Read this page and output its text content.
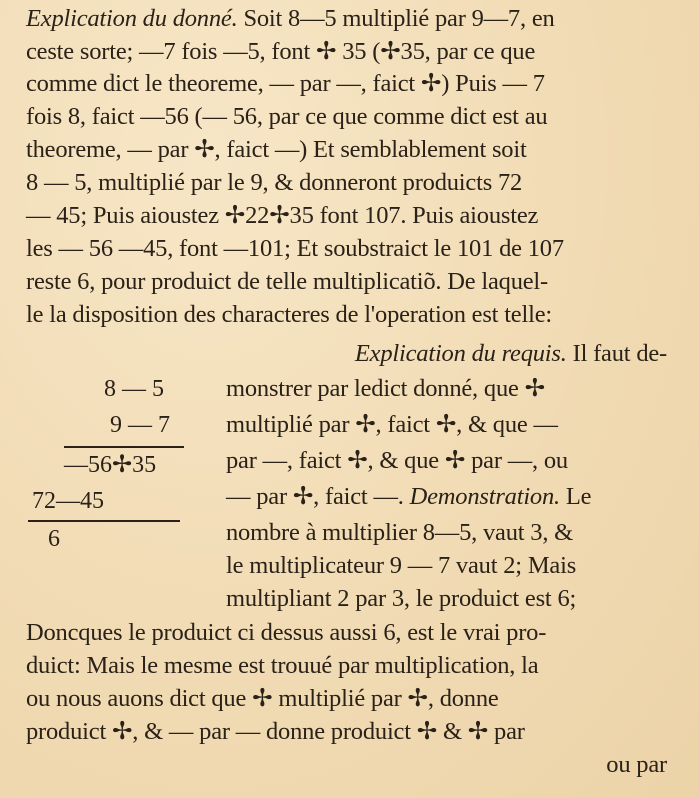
Explication du donné. Soit 8—5 multiplié par 9—7, en
ceste sorte; —7 fois —5, font ✢ 35 (✢35, par ce que
comme dict le theoreme, — par —, faict ✢) Puis — 7
fois 8, faict —56 (— 56, par ce que comme dict est au
theoreme, — par ✢, faict —) Et semblablement soit
8 — 5, multiplié par le 9, & donneront produicts 72
— 45; Puis aioustez ✢22✢35 font 107. Puis aioustez
les — 56 —45, font —101; Et soubstraict le 101 de 107
reste 6, pour produict de telle multiplicatiõ. De laquel-
le la disposition des characteres de l'operation est telle:
Explication du requis. Il faut de-
monstrer par ledict donné, que ✢
multiplié par ✢, faict ✢, & que —
par —, faict ✢, & que ✢ par —, ou
— par ✢, faict —. Demonstration. Le
nombre à multiplier 8—5, vaut 3, &
le multiplicateur 9 — 7 vaut 2; Mais
multipliant 2 par 3, le produict est 6;
Doncques le produict ci dessus aussi 6, est le vrai pro-
duict: Mais le mesme est trouué par multiplication, la
ou nous auons dict que ✢ multiplié par ✢, donne
produict ✢, & — par — donne produict ✢ & ✢ par
ou par
8 — 5
9 — 7
—56✢35
72—45
6
